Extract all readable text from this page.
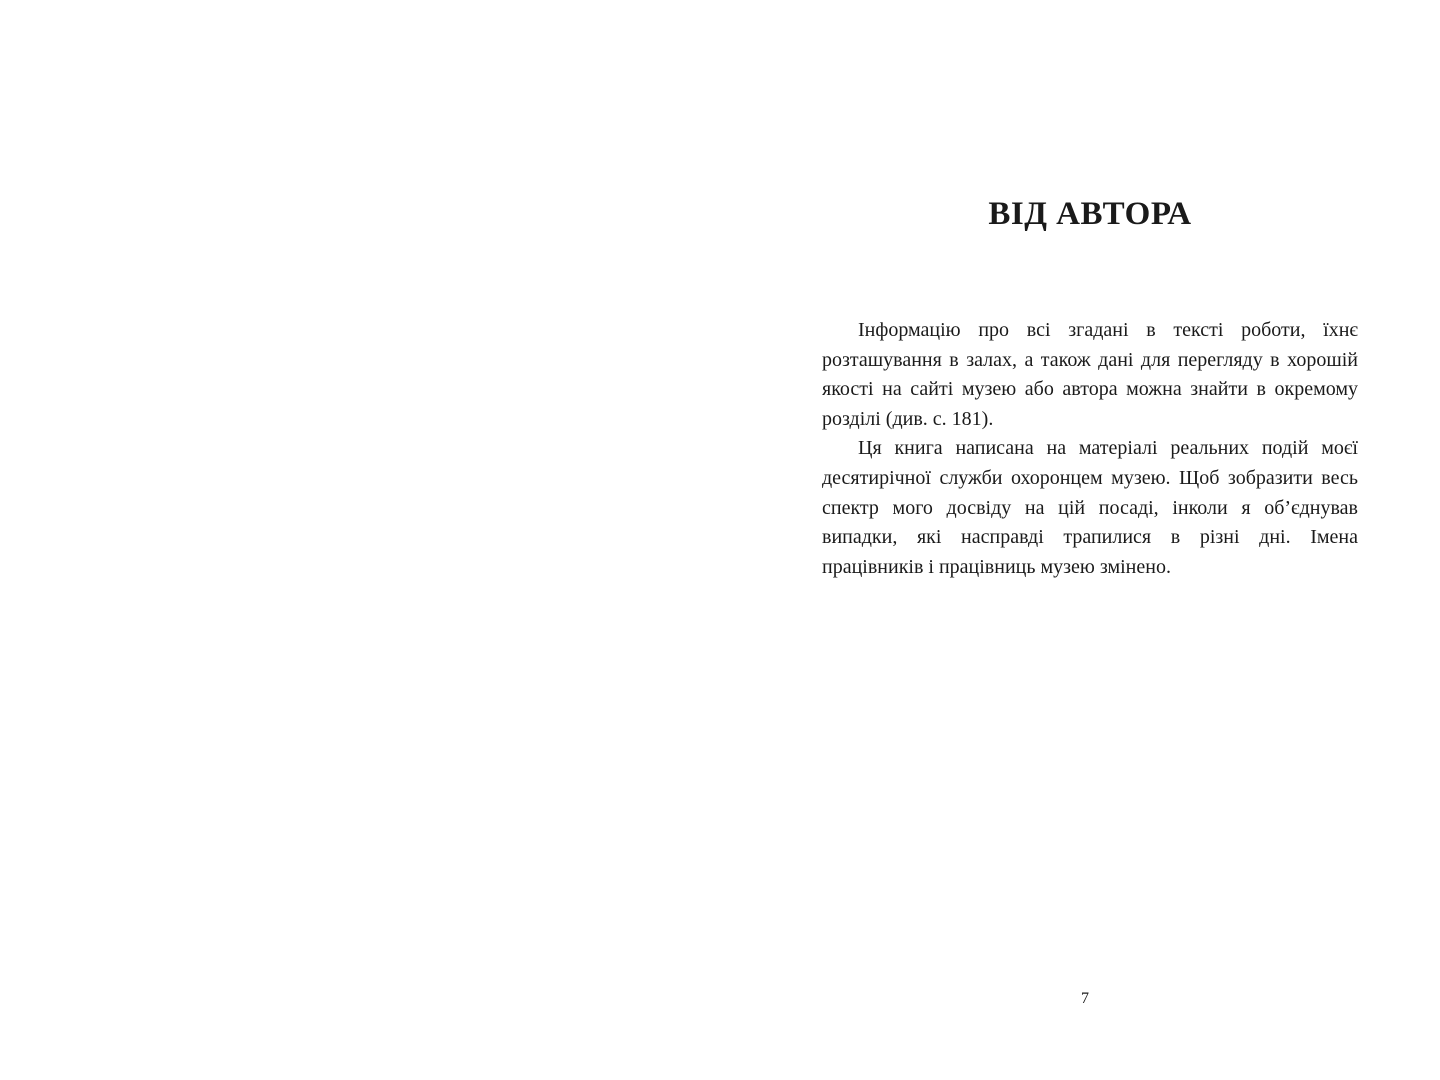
ВІД АВТОРА

Інформацію про всі згадані в тексті роботи, їхнє розташування в залах, а також дані для перегляду в хорошій якості на сайті музею або автора можна знайти в окремому розділі (див. с. 181).

Ця книга написана на матеріалі реальних подій моєї десятирічної служби охоронцем музею. Щоб зобразити весь спектр мого досвіду на цій посаді, інколи я об’єднував випадки, які насправді трапилися в різні дні. Імена працівників і працівниць музею змінено.

7
